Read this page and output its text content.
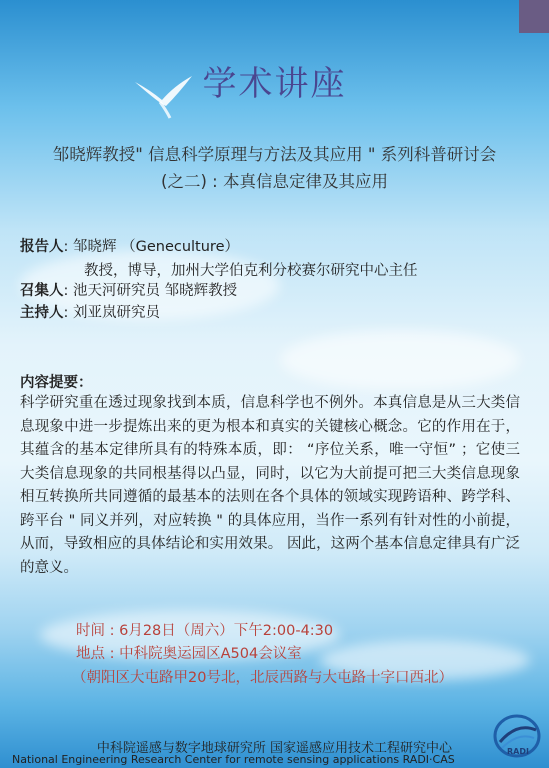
学术讲座
邹晓辉教授" 信息科学原理与方法及其应用 " 系列科普研讨会
(之二) : 本真信息定律及其应用
报告人: 邹晓辉 （Geneculture）
教授，博导，加州大学伯克利分校赛尔研究中心主任
召集人: 池天河研究员 邹晓辉教授
主持人: 刘亚岚研究员
内容提要：
科学研究重在透过现象找到本质，信息科学也不例外。本真信息是从三大类信息现象中进一步提炼出来的更为根本和真实的关键核心概念。它的作用在于，其蕴含的基本定律所具有的特殊本质，即： “序位关系，唯一守恒” ；它使三大类信息现象的共同根基得以凸显，同时，以它为大前提可把三大类信息现象相互转换所共同遵循的最基本的法则在各个具体的领域实现跨语种、跨学科、跨平台 " 同义并列，对应转换 " 的具体应用，当作一系列有针对性的小前提，从而，导致相应的具体结论和实用效果。 因此，这两个基本信息定律具有广泛的意义。
时间 : 6月28日（周六）下午2:00-4:30
地点 : 中科院奥运园区A504会议室
（朝阳区大屯路甲20号北，北辰西路与大屯路十字口西北）
中科院遥感与数字地球研究所 国家遥感应用技术工程研究中心
National Engineering Research Center for remote sensing applications RADI·CAS
RADI
